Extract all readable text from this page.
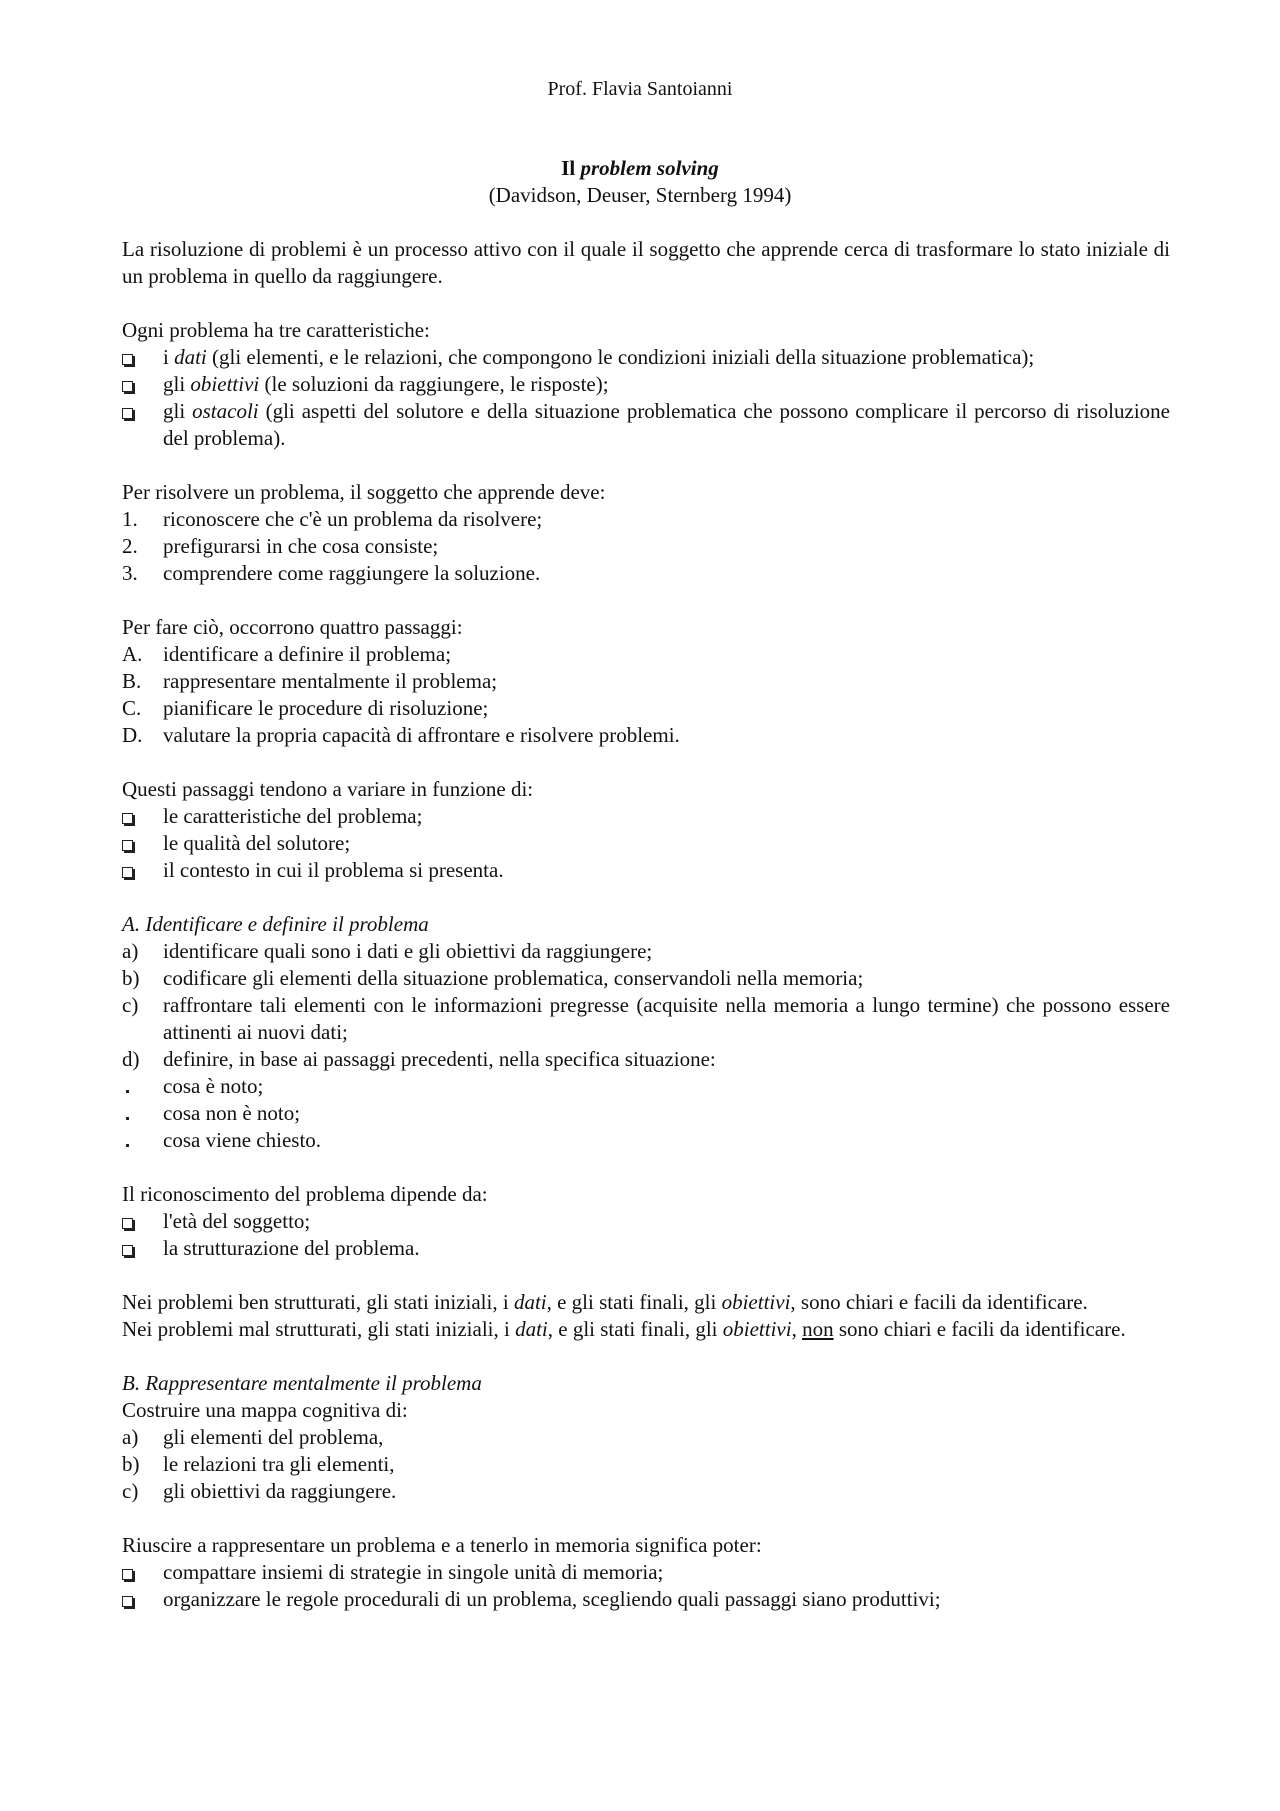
Prof. Flavia Santoianni
Il problem solving
(Davidson, Deuser, Sternberg 1994)

La risoluzione di problemi è un processo attivo con il quale il soggetto che apprende cerca di trasformare lo stato iniziale di un problema in quello da raggiungere.

Ogni problema ha tre caratteristiche:

i dati (gli elementi, e le relazioni, che compongono le condizioni iniziali della situazione problematica);
gli obiettivi (le soluzioni da raggiungere, le risposte);
gli ostacoli (gli aspetti del solutore e della situazione problematica che possono complicare il percorso di risoluzione del problema).

Per risolvere un problema, il soggetto che apprende deve:

1.	riconoscere che c'è un problema da risolvere;
2.	prefigurarsi in che cosa consiste;
3.	comprendere come raggiungere la soluzione.

Per fare ciò, occorrono quattro passaggi:

A. identificare a definire il problema;
B.	rappresentare mentalmente il problema;
C.	pianificare le procedure di risoluzione;
D. valutare la propria capacità di affrontare e risolvere problemi.

Questi passaggi tendono a variare in funzione di:

le caratteristiche del problema;
le qualità del solutore;
il contesto in cui il problema si presenta.

A. Identificare e definire il problema

a)	identificare quali sono i dati e gli obiettivi da raggiungere;
b)	codificare gli elementi della situazione problematica, conservandoli nella memoria;
c)	raffrontare tali elementi con le informazioni pregresse (acquisite nella memoria a lungo termine) che possono essere attinenti ai nuovi dati;
d)	definire, in base ai passaggi precedenti, nella specifica situazione:
cosa è noto;
cosa non è noto;
cosa viene chiesto.

Il riconoscimento del problema dipende da:

l'età del soggetto;
la strutturazione del problema.

Nei problemi ben strutturati, gli stati iniziali, i dati, e gli stati finali, gli obiettivi, sono chiari e facili da identificare.

Nei problemi mal strutturati, gli stati iniziali, i dati, e gli stati finali, gli obiettivi, non sono chiari e facili da identificare.

B. Rappresentare mentalmente il problema

Costruire una mappa cognitiva di:

a)	gli elementi del problema,
b)	le relazioni tra gli elementi,
c)	gli obiettivi da raggiungere.

Riuscire a rappresentare un problema e a tenerlo in memoria significa poter:

compattare insiemi di strategie in singole unità di memoria;
organizzare le regole procedurali di un problema, scegliendo quali passaggi siano produttivi;
